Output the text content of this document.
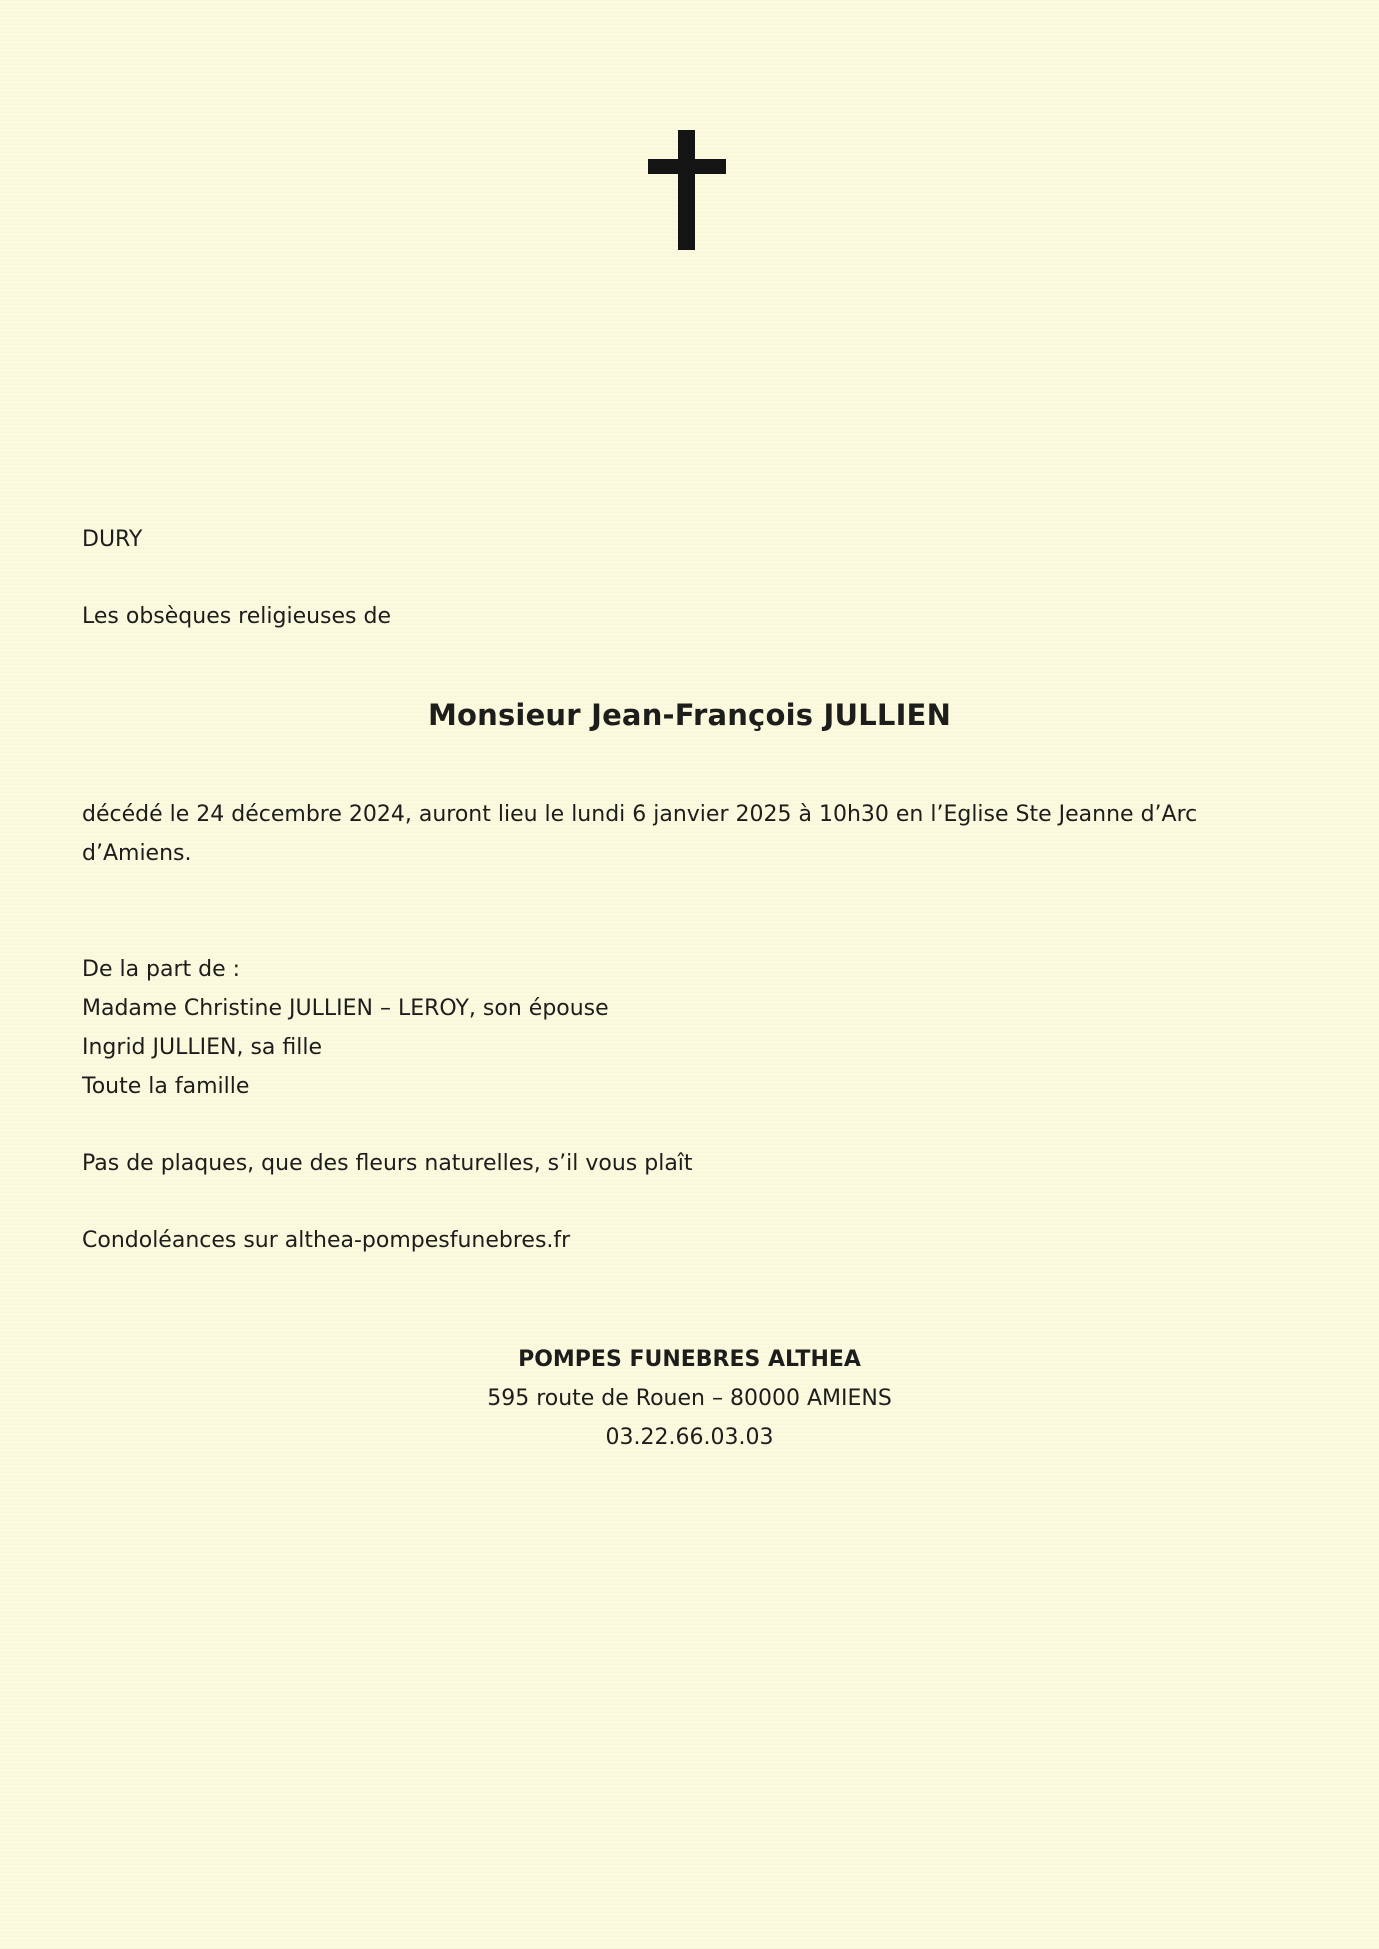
DURY
Les obsèques religieuses de
Monsieur Jean-François JULLIEN
décédé le 24 décembre 2024, auront lieu le lundi 6 janvier 2025 à 10h30 en l’Eglise Ste Jeanne d’Arc
d’Amiens.
De la part de :
Madame Christine JULLIEN – LEROY, son épouse
Ingrid JULLIEN, sa fille
Toute la famille
Pas de plaques, que des fleurs naturelles, s’il vous plaît
Condoléances sur althea-pompesfunebres.fr
POMPES FUNEBRES ALTHEA
595 route de Rouen – 80000 AMIENS
03.22.66.03.03
